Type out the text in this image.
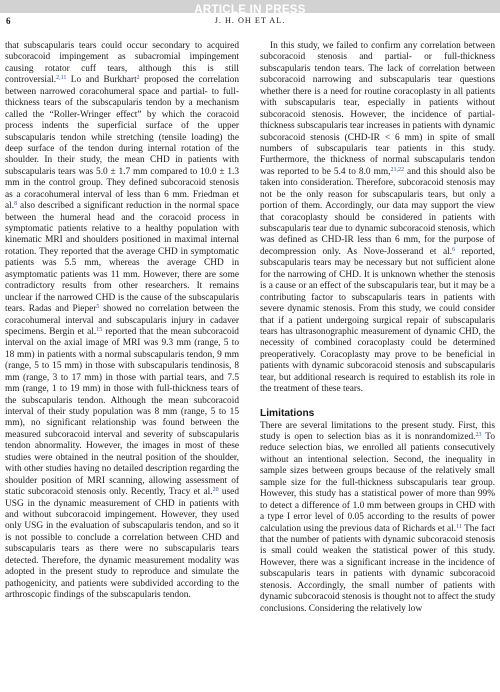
ARTICLE IN PRESS
6	J. H. OH ET AL.

that subscapularis tears could occur secondary to acquired subcoracoid impingement as subacromial impingement causing rotator cuff tears, although this is still controversial.$^{2,11}$ Lo and Burkhart$^2$ proposed the correlation between narrowed coracohumeral space and partial- to full-thickness tears of the subscapularis tendon by a mechanism called the “Roller-Wringer effect” by which the coracoid process indents the superficial surface of the upper subscapularis tendon while stretching (tensile loading) the deep surface of the tendon during internal rotation of the shoulder. In their study, the mean CHD in patients with subscapularis tears was 5.0 ± 1.7 mm compared to 10.0 ± 1.3 mm in the control group. They defined subcoracoid stenosis as a coracohumeral interval of less than 6 mm. Friedman et al.$^8$ also described a significant reduction in the normal space between the humeral head and the coracoid process in symptomatic patients relative to a healthy population with kinematic MRI and shoulders positioned in maximal internal rotation. They reported that the average CHD in symptomatic patients was 5.5 mm, whereas the average CHD in asymptomatic patients was 11 mm. However, there are some contradictory results from other researchers. It remains unclear if the narrowed CHD is the cause of the subscapularis tears. Radas and Pieper$^5$ showed no correlation between the coracohumeral interval and subscapularis injury in cadaver specimens. Bergin et al.$^{15}$ reported that the mean subcoracoid interval on the axial image of MRI was 9.3 mm (range, 5 to 18 mm) in patients with a normal subscapularis tendon, 9 mm (range, 5 to 15 mm) in those with subscapularis tendinosis, 8 mm (range, 3 to 17 mm) in those with partial tears, and 7.5 mm (range, 1 to 19 mm) in those with full-thickness tears of the subscapularis tendon. Although the mean subcoracoid interval of their study population was 8 mm (range, 5 to 15 mm), no significant relationship was found between the measured subcoracoid interval and severity of subscapularis tendon abnormality. However, the images in most of these studies were obtained in the neutral position of the shoulder, with other studies having no detailed description regarding the shoulder position of MRI scanning, allowing assessment of static subcoracoid stenosis only. Recently, Tracy et al.$^{20}$ used USG in the dynamic measurement of CHD in patients with and without subcoracoid impingement. However, they used only USG in the evaluation of subscapularis tendon, and so it is not possible to conclude a correlation between CHD and subscapularis tears as there were no subscapularis tears detected. Therefore, the dynamic measurement modality was adopted in the present study to reproduce and simulate the pathogenicity, and patients were subdivided according to the arthroscopic findings of the subscapularis tendon.

In this study, we failed to confirm any correlation between subcoracoid stenosis and partial- or full-thickness subscapularis tendon tears. The lack of correlation between subcoracoid narrowing and subscapularis tear questions whether there is a need for routine coracoplasty in all patients with subscapularis tear, especially in patients without subcoracoid stenosis. However, the incidence of partial-thickness subscapularis tear increases in patients with dynamic subcoracoid stenosis (CHD-IR < 6 mm) in spite of small numbers of subscapularis tear patients in this study. Furthermore, the thickness of normal subscapularis tendon was reported to be 5.4 to 8.0 mm,$^{21,22}$ and this should also be taken into consideration. Therefore, subcoracoid stenosis may not be the only reason for subscapularis tears, but only a portion of them. Accordingly, our data may support the view that coracoplasty should be considered in patients with subscapularis tear due to dynamic subcoracoid stenosis, which was defined as CHD-IR less than 6 mm, for the purpose of decompression only. As Nove-Josserand et al.$^6$ reported, subscapularis tears may be necessary but not sufficient alone for the narrowing of CHD. It is unknown whether the stenosis is a cause or an effect of the subscapularis tear, but it may be a contributing factor to subscapularis tears in patients with severe dynamic stenosis. From this study, we could consider that if a patient undergoing surgical repair of subscapularis tears has ultrasonographic measurement of dynamic CHD, the necessity of combined coracoplasty could be determined preoperatively. Coracoplasty may prove to be beneficial in patients with dynamic subcoracoid stenosis and subscapularis tear, but additional research is required to establish its role in the treatment of these tears.

Limitations

There are several limitations to the present study. First, this study is open to selection bias as it is nonrandomized.$^{23}$ To reduce selection bias, we enrolled all patients consecutively without an intentional selection. Second, the inequality in sample sizes between groups because of the relatively small sample size for the full-thickness subscapularis tear group. However, this study has a statistical power of more than 99% to detect a difference of 1.0 mm between groups in CHD with a type I error level of 0.05 according to the results of power calculation using the previous data of Richards et al.$^{11}$ The fact that the number of patients with dynamic subcoracoid stenosis is small could weaken the statistical power of this study. However, there was a significant increase in the incidence of subscapularis tears in patients with dynamic subcoracoid stenosis. Accordingly, the small number of patients with dynamic subcoracoid stenosis is thought not to affect the study conclusions. Considering the relatively low
